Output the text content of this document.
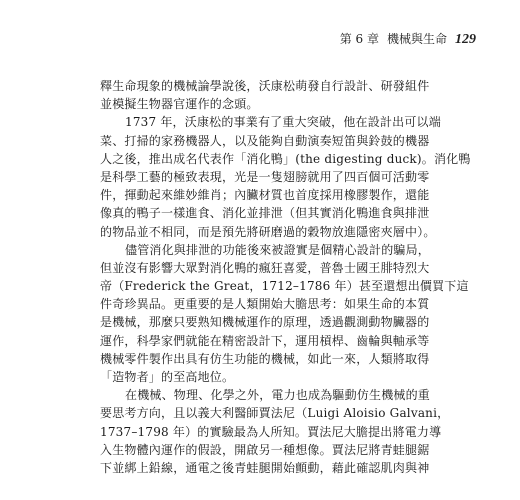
第 6 章 機械與生命 129
釋生命現象的機械論學說後，沃康松萌發自行設計、研發組件
並模擬生物器官運作的念頭。
1737 年，沃康松的事業有了重大突破，他在設計出可以端
菜、打掃的家務機器人，以及能夠自動演奏短笛與鈴鼓的機器
人之後，推出成名代表作「消化鴨」(the digesting duck)。消化鴨
是科學工藝的極致表現，光是一隻翅膀就用了四百個可活動零
件，揮動起來維妙維肖；內臟材質也首度採用橡膠製作，還能
像真的鴨子一樣進食、消化並排泄（但其實消化鴨進食與排泄
的物品並不相同，而是預先將研磨過的穀物放進隱密夾層中）。
儘管消化與排泄的功能後來被證實是個精心設計的騙局，
但並沒有影響大眾對消化鴨的瘋狂喜愛，普魯士國王腓特烈大
帝（Frederick the Great，1712–1786 年）甚至還想出價買下這
件奇珍異品。更重要的是人類開始大膽思考：如果生命的本質
是機械，那麼只要熟知機械運作的原理，透過觀測動物臟器的
運作，科學家們就能在精密設計下，運用槓桿、齒輪與軸承等
機械零件製作出具有仿生功能的機械，如此一來，人類將取得
「造物者」的至高地位。
在機械、物理、化學之外，電力也成為驅動仿生機械的重
要思考方向，且以義大利醫師賈法尼（Luigi Aloisio Galvani，
1737–1798 年）的實驗最為人所知。賈法尼大膽提出將電力導
入生物體內運作的假設，開啟另一種想像。賈法尼將青蛙腿鋸
下並綁上鉛線，通電之後青蛙腿開始顫動，藉此確認肌肉與神
